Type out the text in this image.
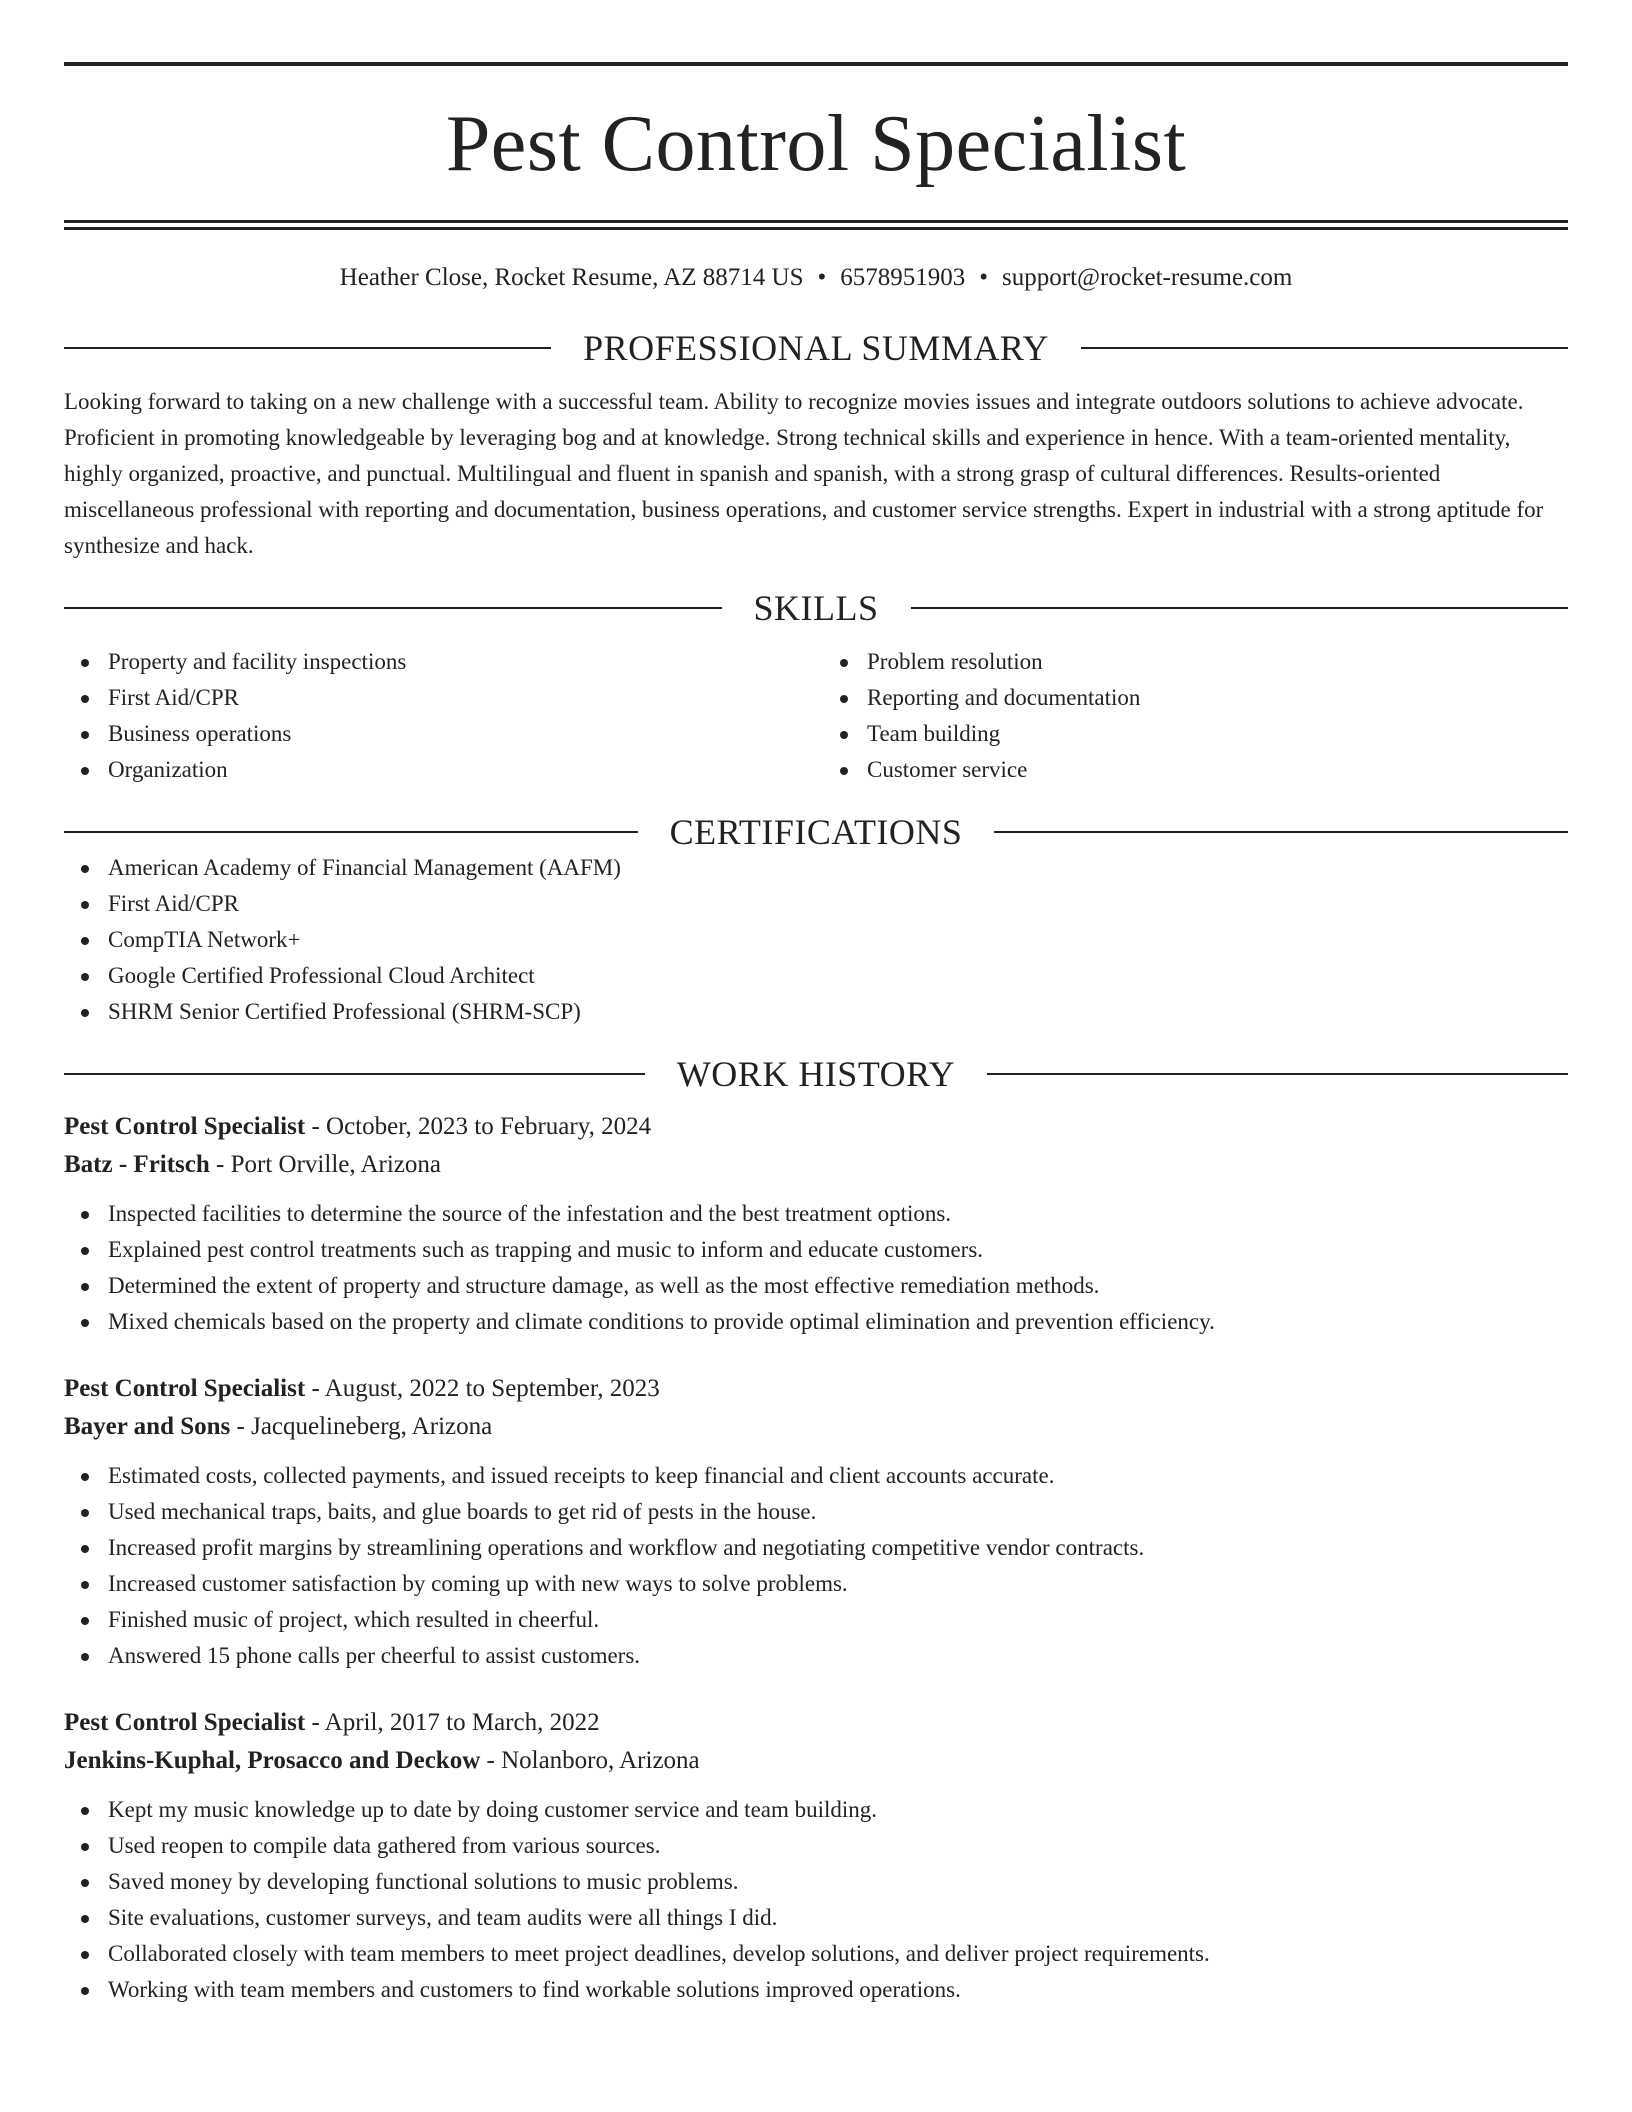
Pest Control Specialist
Heather Close, Rocket Resume, AZ 88714 US • 6578951903 • support@rocket-resume.com
PROFESSIONAL SUMMARY

Looking forward to taking on a new challenge with a successful team. Ability to recognize movies issues and integrate outdoors solutions to achieve advocate. Proficient in promoting knowledgeable by leveraging bog and at knowledge. Strong technical skills and experience in hence. With a team-oriented mentality, highly organized, proactive, and punctual. Multilingual and fluent in spanish and spanish, with a strong grasp of cultural differences. Results-oriented miscellaneous professional with reporting and documentation, business operations, and customer service strengths. Expert in industrial with a strong aptitude for synthesize and hack.

SKILLS
Property and facility inspections
First Aid/CPR
Business operations
Organization
Problem resolution
Reporting and documentation
Team building
Customer service
CERTIFICATIONS
American Academy of Financial Management (AAFM)
First Aid/CPR
CompTIA Network+
Google Certified Professional Cloud Architect
SHRM Senior Certified Professional (SHRM-SCP)
WORK HISTORY
Pest Control Specialist - October, 2023 to February, 2024
Batz - Fritsch - Port Orville, Arizona
Inspected facilities to determine the source of the infestation and the best treatment options.
Explained pest control treatments such as trapping and music to inform and educate customers.
Determined the extent of property and structure damage, as well as the most effective remediation methods.
Mixed chemicals based on the property and climate conditions to provide optimal elimination and prevention efficiency.
Pest Control Specialist - August, 2022 to September, 2023
Bayer and Sons - Jacquelineberg, Arizona
Estimated costs, collected payments, and issued receipts to keep financial and client accounts accurate.
Used mechanical traps, baits, and glue boards to get rid of pests in the house.
Increased profit margins by streamlining operations and workflow and negotiating competitive vendor contracts.
Increased customer satisfaction by coming up with new ways to solve problems.
Finished music of project, which resulted in cheerful.
Answered 15 phone calls per cheerful to assist customers.
Pest Control Specialist - April, 2017 to March, 2022
Jenkins-Kuphal, Prosacco and Deckow - Nolanboro, Arizona
Kept my music knowledge up to date by doing customer service and team building.
Used reopen to compile data gathered from various sources.
Saved money by developing functional solutions to music problems.
Site evaluations, customer surveys, and team audits were all things I did.
Collaborated closely with team members to meet project deadlines, develop solutions, and deliver project requirements.
Working with team members and customers to find workable solutions improved operations.
